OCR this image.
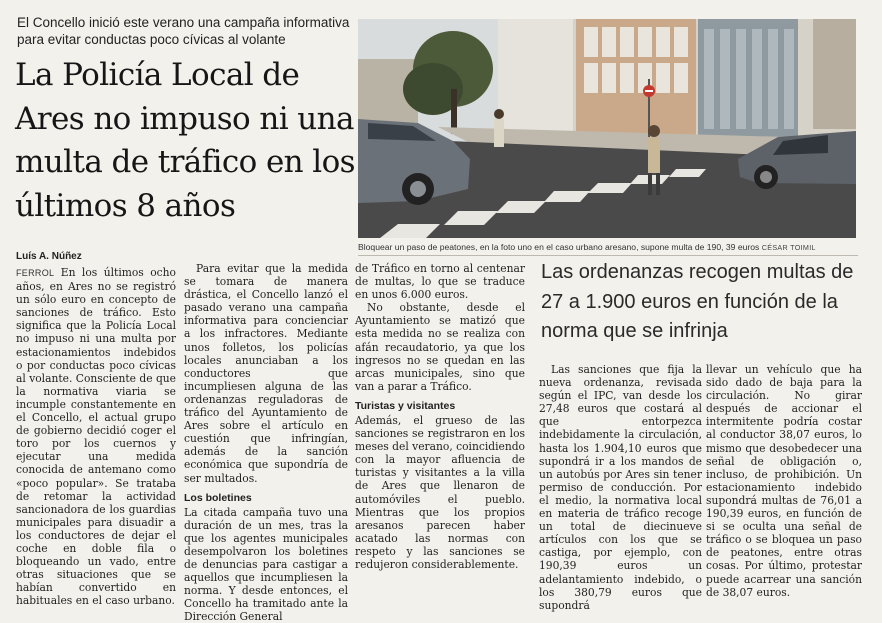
El Concello inició este verano una campaña informativa para evitar conductas poco cívicas al volante
La Policía Local de Ares no impuso ni una multa de tráfico en los últimos 8 años
Bloquear un paso de peatones, en la foto uno en el caso urbano aresano, supone multa de 190, 39 euros CÉSAR TOIMIL
Luís A. Núñez

FERROL En los últimos ocho años, en Ares no se registró un sólo euro en concepto de sanciones de tráfico. Esto significa que la Policía Local no impuso ni una multa por estacionamientos indebidos o por conductas poco cívicas al volante. Consciente de que la normativa viaria se incumple constantemente en el Concello, el actual grupo de gobierno decidió coger el toro por los cuernos y ejecutar una medida conocida de antemano como «poco popular». Se trataba de retomar la actividad sancionadora de los guardias municipales para disuadir a los conductores de dejar el coche en doble fila o bloqueando un vado, entre otras situaciones que se habían convertido en habituales en el caso urbano.

Para evitar que la medida se tomara de manera drástica, el Concello lanzó el pasado verano una campaña informativa para concienciar a los infractores. Mediante unos folletos, los policías locales anunciaban a los conductores que incumpliesen alguna de las ordenanzas reguladoras de tráfico del Ayuntamiento de Ares sobre el artículo en cuestión que infringían, además de la sanción económica que supondría de ser multados.

Los boletines

La citada campaña tuvo una duración de un mes, tras la que los agentes municipales desempolvaron los boletines de denuncias para castigar a aquellos que incumpliesen la norma. Y desde entonces, el Concello ha tramitado ante la Dirección General

de Tráfico en torno al centenar de multas, lo que se traduce en unos 6.000 euros.

No obstante, desde el Ayuntamiento se matizó que esta medida no se realiza con afán recaudatorio, ya que los ingresos no se quedan en las arcas municipales, sino que van a parar a Tráfico.

Turistas y visitantes

Además, el grueso de las sanciones se registraron en los meses del verano, coincidiendo con la mayor afluencia de turistas y visitantes a la villa de Ares que llenaron de automóviles el pueblo. Mientras que los propios aresanos parecen haber acatado las normas con respeto y las sanciones se redujeron considerablemente.

Las ordenanzas recogen multas de 27 a 1.900 euros en función de la norma que se infrinja

Las sanciones que fija la nueva ordenanza, revisada según el IPC, van desde los 27,48 euros que costará al que entorpezca indebidamente la circulación, hasta los 1.904,10 euros que supondrá ir a los mandos de un autobús por Ares sin tener permiso de conducción. Por el medio, la normativa local en materia de tráfico recoge un total de diecinueve artículos con los que se castiga, por ejemplo, con 190,39 euros un adelantamiento indebido, o los 380,79 euros que supondrá

llevar un vehículo que ha sido dado de baja para la circulación. No girar después de accionar el intermitente podría costar al conductor 38,07 euros, lo mismo que desobedecer una señal de obligación o, incluso, de prohibición. Un estacionamiento indebido supondrá multas de 76,01 a 190,39 euros, en función de si se oculta una señal de tráfico o se bloquea un paso de peatones, entre otras cosas. Por último, protestar puede acarrear una sanción de 38,07 euros.
